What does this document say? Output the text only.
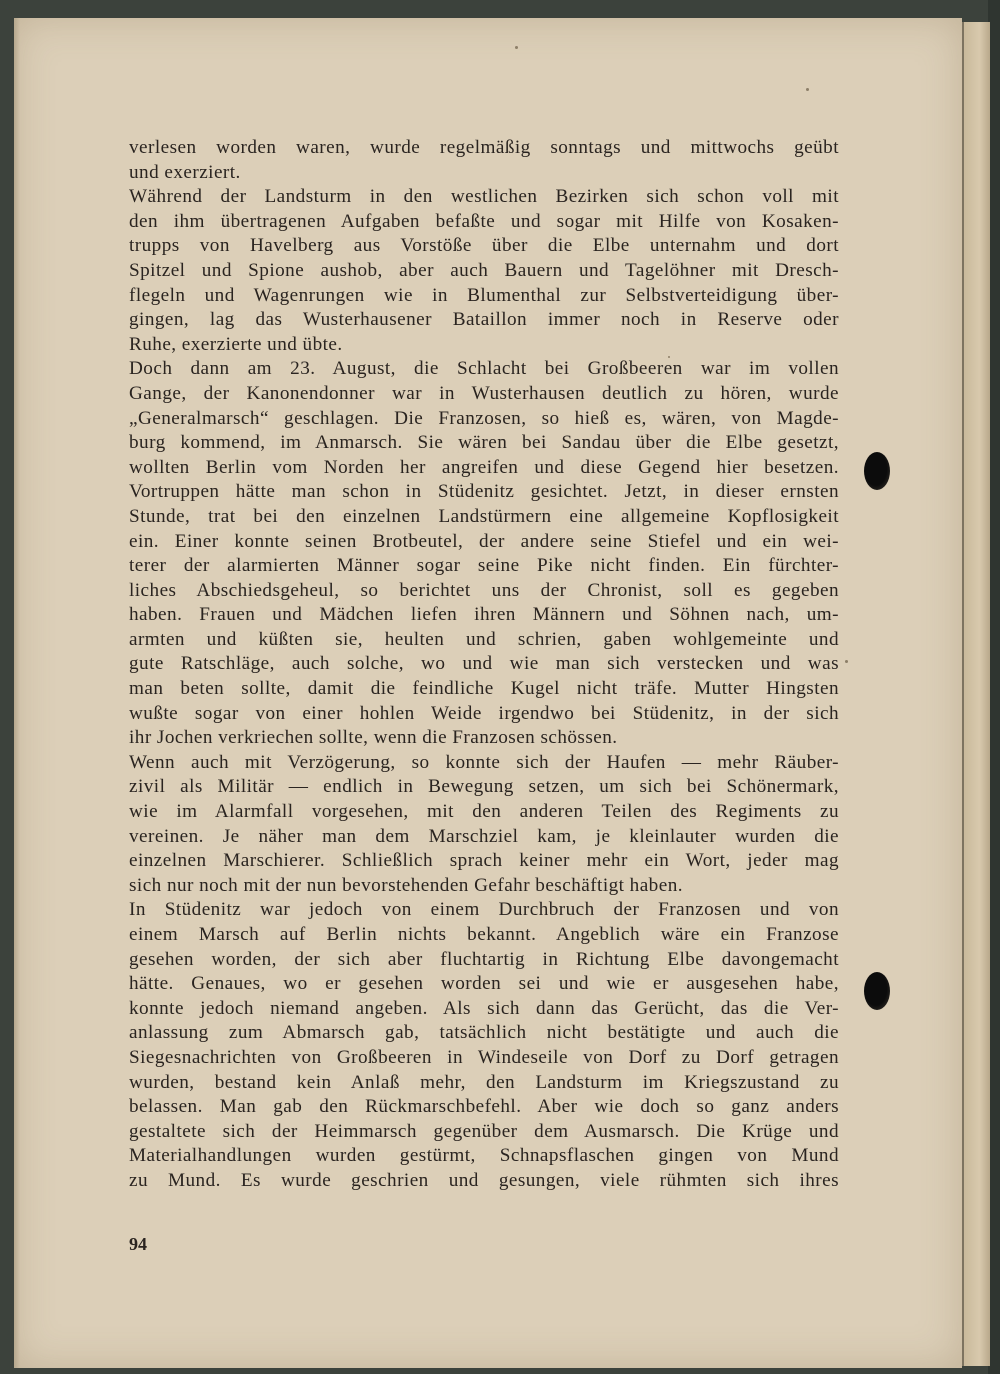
verlesen worden waren, wurde regelmäßig sonntags und mittwochs geübt
und exerziert.
Während der Landsturm in den westlichen Bezirken sich schon voll mit
den ihm übertragenen Aufgaben befaßte und sogar mit Hilfe von Kosaken-
trupps von Havelberg aus Vorstöße über die Elbe unternahm und dort
Spitzel und Spione aushob, aber auch Bauern und Tagelöhner mit Dresch-
flegeln und Wagenrungen wie in Blumenthal zur Selbstverteidigung über-
gingen, lag das Wusterhausener Bataillon immer noch in Reserve oder
Ruhe, exerzierte und übte.
Doch dann am 23. August, die Schlacht bei Großbeeren war im vollen
Gange, der Kanonendonner war in Wusterhausen deutlich zu hören, wurde
„Generalmarsch“ geschlagen. Die Franzosen, so hieß es, wären, von Magde-
burg kommend, im Anmarsch. Sie wären bei Sandau über die Elbe gesetzt,
wollten Berlin vom Norden her angreifen und diese Gegend hier besetzen.
Vortruppen hätte man schon in Stüdenitz gesichtet. Jetzt, in dieser ernsten
Stunde, trat bei den einzelnen Landstürmern eine allgemeine Kopflosigkeit
ein. Einer konnte seinen Brotbeutel, der andere seine Stiefel und ein wei-
terer der alarmierten Männer sogar seine Pike nicht finden. Ein fürchter-
liches Abschiedsgeheul, so berichtet uns der Chronist, soll es gegeben
haben. Frauen und Mädchen liefen ihren Männern und Söhnen nach, um-
armten und küßten sie, heulten und schrien, gaben wohlgemeinte und
gute Ratschläge, auch solche, wo und wie man sich verstecken und was
man beten sollte, damit die feindliche Kugel nicht träfe. Mutter Hingsten
wußte sogar von einer hohlen Weide irgendwo bei Stüdenitz, in der sich
ihr Jochen verkriechen sollte, wenn die Franzosen schössen.
Wenn auch mit Verzögerung, so konnte sich der Haufen — mehr Räuber-
zivil als Militär — endlich in Bewegung setzen, um sich bei Schönermark,
wie im Alarmfall vorgesehen, mit den anderen Teilen des Regiments zu
vereinen. Je näher man dem Marschziel kam, je kleinlauter wurden die
einzelnen Marschierer. Schließlich sprach keiner mehr ein Wort, jeder mag
sich nur noch mit der nun bevorstehenden Gefahr beschäftigt haben.
In Stüdenitz war jedoch von einem Durchbruch der Franzosen und von
einem Marsch auf Berlin nichts bekannt. Angeblich wäre ein Franzose
gesehen worden, der sich aber fluchtartig in Richtung Elbe davongemacht
hätte. Genaues, wo er gesehen worden sei und wie er ausgesehen habe,
konnte jedoch niemand angeben. Als sich dann das Gerücht, das die Ver-
anlassung zum Abmarsch gab, tatsächlich nicht bestätigte und auch die
Siegesnachrichten von Großbeeren in Windeseile von Dorf zu Dorf getragen
wurden, bestand kein Anlaß mehr, den Landsturm im Kriegszustand zu
belassen. Man gab den Rückmarschbefehl. Aber wie doch so ganz anders
gestaltete sich der Heimmarsch gegenüber dem Ausmarsch. Die Krüge und
Materialhandlungen wurden gestürmt, Schnapsflaschen gingen von Mund
zu Mund. Es wurde geschrien und gesungen, viele rühmten sich ihres
94
